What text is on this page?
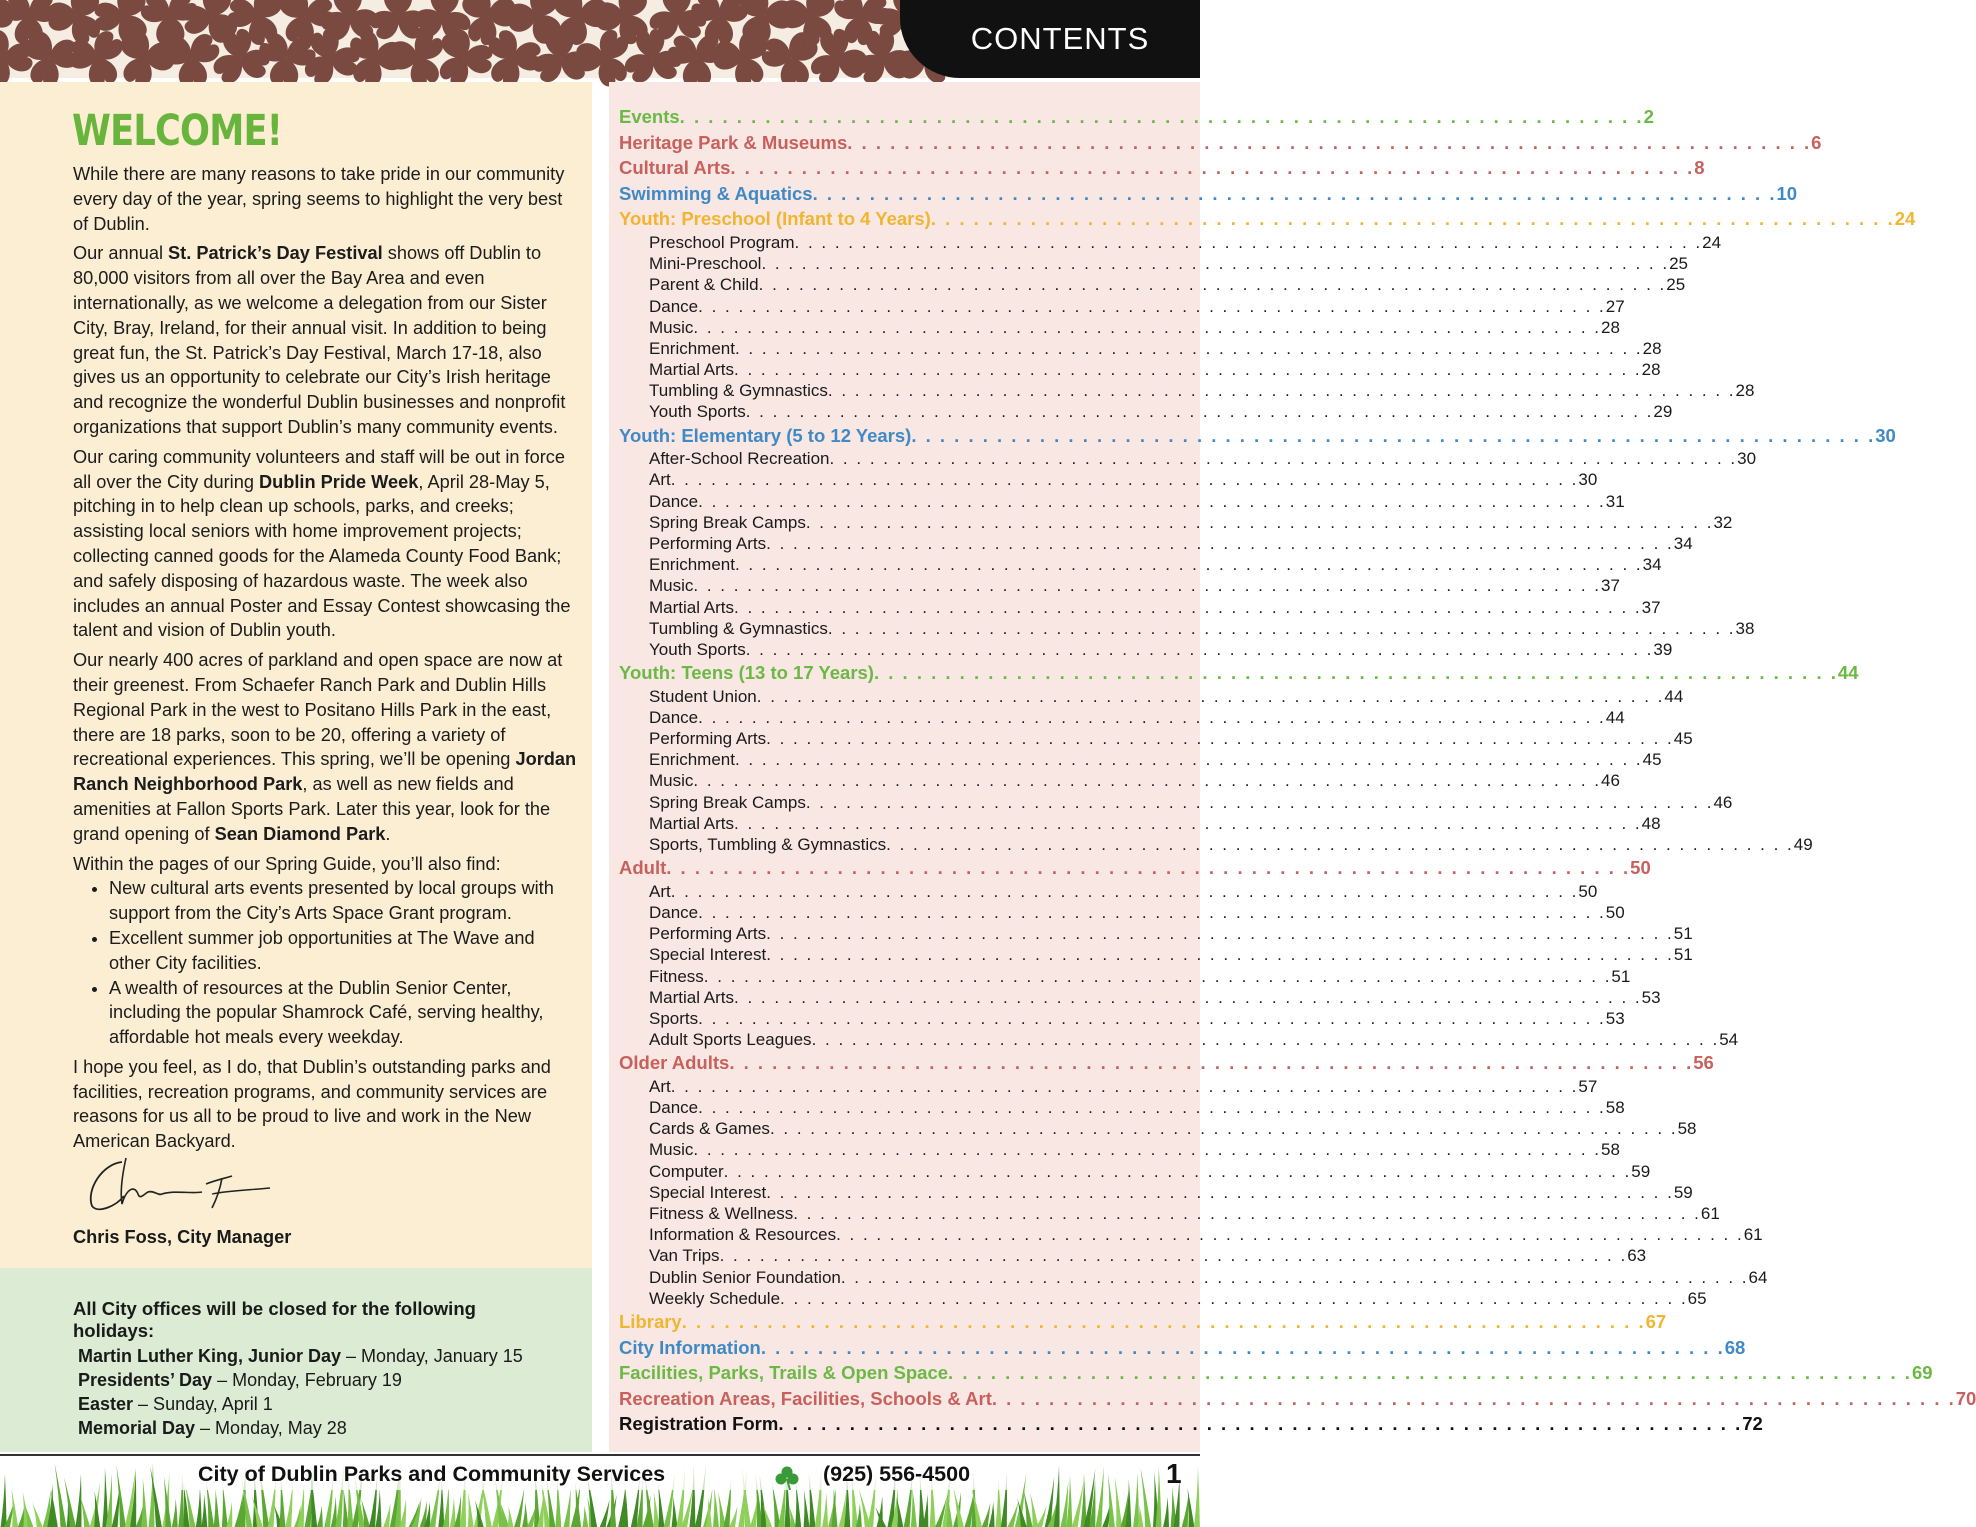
CONTENTS
WELCOME!

While there are many reasons to take pride in our community every day of the year, spring seems to highlight the very best of Dublin.

Our annual St. Patrick’s Day Festival shows off Dublin to 80,000 visitors from all over the Bay Area and even internationally, as we welcome a delegation from our Sister City, Bray, Ireland, for their annual visit. In addition to being great fun, the St. Patrick’s Day Festival, March 17-18, also gives us an opportunity to celebrate our City’s Irish heritage and recognize the wonderful Dublin businesses and nonprofit organizations that support Dublin’s many community events.

Our caring community volunteers and staff will be out in force all over the City during Dublin Pride Week, April 28-May 5, pitching in to help clean up schools, parks, and creeks; assisting local seniors with home improvement projects; collecting canned goods for the Alameda County Food Bank; and safely disposing of hazardous waste. The week also includes an annual Poster and Essay Contest showcasing the talent and vision of Dublin youth.

Our nearly 400 acres of parkland and open space are now at their greenest. From Schaefer Ranch Park and Dublin Hills Regional Park in the west to Positano Hills Park in the east, there are 18 parks, soon to be 20, offering a variety of recreational experiences. This spring, we’ll be opening Jordan Ranch Neighborhood Park, as well as new fields and amenities at Fallon Sports Park. Later this year, look for the grand opening of Sean Diamond Park.

Within the pages of our Spring Guide, you’ll also find:

• New cultural arts events presented by local groups with support from the City’s Arts Space Grant program.
• Excellent summer job opportunities at The Wave and other City facilities.
• A wealth of resources at the Dublin Senior Center, including the popular Shamrock Café, serving healthy, affordable hot meals every weekday.

I hope you feel, as I do, that Dublin’s outstanding parks and facilities, recreation programs, and community services are reasons for us all to be proud to live and work in the New American Backyard.

Chris Foss, City Manager
All City offices will be closed for the following holidays:
Martin Luther King, Junior Day – Monday, January 15
Presidents’ Day – Monday, February 19
Easter – Sunday, April 1
Memorial Day – Monday, May 28
Events . . . . . . . . . . . . . . . . . . . . . . . . . . . . . . . . . . . . . . . . . . . . . . . . . . . . . . . . . . . . . . . . . . . . 2
Heritage Park & Museums . . . . . . . . . . . . . . . . . . . . . . . . . . . . . . . . . . . . . . . . . . . . . . . . . . . . . . . . . . . . . . . . . . . . 6
Cultural Arts . . . . . . . . . . . . . . . . . . . . . . . . . . . . . . . . . . . . . . . . . . . . . . . . . . . . . . . . . . . . . . . . . . . . 8
Swimming & Aquatics . . . . . . . . . . . . . . . . . . . . . . . . . . . . . . . . . . . . . . . . . . . . . . . . . . . . . . . . . . . . . . . . . . . . 10
Youth: Preschool (Infant to 4 Years) . . . . . . . . . . . . . . . . . . . . . . . . . . . . . . . . . . . . . . . . . . . . . . . . . . . . . . . . . . . . . . . . . . . . 24
Preschool Program . . . . . . . . . . . . . . . . . . . . . . . . . . . . . . . . . . . . . . . . . . . . . . . . . . . . . . . . . . . . . . . . . . . . 24
Mini-Preschool . . . . . . . . . . . . . . . . . . . . . . . . . . . . . . . . . . . . . . . . . . . . . . . . . . . . . . . . . . . . . . . . . . . . 25
Parent & Child . . . . . . . . . . . . . . . . . . . . . . . . . . . . . . . . . . . . . . . . . . . . . . . . . . . . . . . . . . . . . . . . . . . . 25
Dance . . . . . . . . . . . . . . . . . . . . . . . . . . . . . . . . . . . . . . . . . . . . . . . . . . . . . . . . . . . . . . . . . . . . 27
Music . . . . . . . . . . . . . . . . . . . . . . . . . . . . . . . . . . . . . . . . . . . . . . . . . . . . . . . . . . . . . . . . . . . . 28
Enrichment . . . . . . . . . . . . . . . . . . . . . . . . . . . . . . . . . . . . . . . . . . . . . . . . . . . . . . . . . . . . . . . . . . . . 28
Martial Arts . . . . . . . . . . . . . . . . . . . . . . . . . . . . . . . . . . . . . . . . . . . . . . . . . . . . . . . . . . . . . . . . . . . . 28
Tumbling & Gymnastics . . . . . . . . . . . . . . . . . . . . . . . . . . . . . . . . . . . . . . . . . . . . . . . . . . . . . . . . . . . . . . . . . . . . 28
Youth Sports . . . . . . . . . . . . . . . . . . . . . . . . . . . . . . . . . . . . . . . . . . . . . . . . . . . . . . . . . . . . . . . . . . . . 29
Youth: Elementary (5 to 12 Years) . . . . . . . . . . . . . . . . . . . . . . . . . . . . . . . . . . . . . . . . . . . . . . . . . . . . . . . . . . . . . . . . . . . . 30
After-School Recreation . . . . . . . . . . . . . . . . . . . . . . . . . . . . . . . . . . . . . . . . . . . . . . . . . . . . . . . . . . . . . . . . . . . . 30
Art . . . . . . . . . . . . . . . . . . . . . . . . . . . . . . . . . . . . . . . . . . . . . . . . . . . . . . . . . . . . . . . . . . . . 30
Dance . . . . . . . . . . . . . . . . . . . . . . . . . . . . . . . . . . . . . . . . . . . . . . . . . . . . . . . . . . . . . . . . . . . . 31
Spring Break Camps . . . . . . . . . . . . . . . . . . . . . . . . . . . . . . . . . . . . . . . . . . . . . . . . . . . . . . . . . . . . . . . . . . . . 32
Performing Arts . . . . . . . . . . . . . . . . . . . . . . . . . . . . . . . . . . . . . . . . . . . . . . . . . . . . . . . . . . . . . . . . . . . . 34
Enrichment . . . . . . . . . . . . . . . . . . . . . . . . . . . . . . . . . . . . . . . . . . . . . . . . . . . . . . . . . . . . . . . . . . . . 34
Music . . . . . . . . . . . . . . . . . . . . . . . . . . . . . . . . . . . . . . . . . . . . . . . . . . . . . . . . . . . . . . . . . . . . 37
Martial Arts . . . . . . . . . . . . . . . . . . . . . . . . . . . . . . . . . . . . . . . . . . . . . . . . . . . . . . . . . . . . . . . . . . . . 37
Tumbling & Gymnastics . . . . . . . . . . . . . . . . . . . . . . . . . . . . . . . . . . . . . . . . . . . . . . . . . . . . . . . . . . . . . . . . . . . . 38
Youth Sports . . . . . . . . . . . . . . . . . . . . . . . . . . . . . . . . . . . . . . . . . . . . . . . . . . . . . . . . . . . . . . . . . . . . 39
Youth: Teens (13 to 17 Years) . . . . . . . . . . . . . . . . . . . . . . . . . . . . . . . . . . . . . . . . . . . . . . . . . . . . . . . . . . . . . . . . . . . . 44
Student Union . . . . . . . . . . . . . . . . . . . . . . . . . . . . . . . . . . . . . . . . . . . . . . . . . . . . . . . . . . . . . . . . . . . . 44
Dance . . . . . . . . . . . . . . . . . . . . . . . . . . . . . . . . . . . . . . . . . . . . . . . . . . . . . . . . . . . . . . . . . . . . 44
Performing Arts . . . . . . . . . . . . . . . . . . . . . . . . . . . . . . . . . . . . . . . . . . . . . . . . . . . . . . . . . . . . . . . . . . . . 45
Enrichment . . . . . . . . . . . . . . . . . . . . . . . . . . . . . . . . . . . . . . . . . . . . . . . . . . . . . . . . . . . . . . . . . . . . 45
Music . . . . . . . . . . . . . . . . . . . . . . . . . . . . . . . . . . . . . . . . . . . . . . . . . . . . . . . . . . . . . . . . . . . . 46
Spring Break Camps . . . . . . . . . . . . . . . . . . . . . . . . . . . . . . . . . . . . . . . . . . . . . . . . . . . . . . . . . . . . . . . . . . . . 46
Martial Arts . . . . . . . . . . . . . . . . . . . . . . . . . . . . . . . . . . . . . . . . . . . . . . . . . . . . . . . . . . . . . . . . . . . . 48
Sports, Tumbling & Gymnastics . . . . . . . . . . . . . . . . . . . . . . . . . . . . . . . . . . . . . . . . . . . . . . . . . . . . . . . . . . . . . . . . . . . . 49
Adult . . . . . . . . . . . . . . . . . . . . . . . . . . . . . . . . . . . . . . . . . . . . . . . . . . . . . . . . . . . . . . . . . . . . 50
Art . . . . . . . . . . . . . . . . . . . . . . . . . . . . . . . . . . . . . . . . . . . . . . . . . . . . . . . . . . . . . . . . . . . . 50
Dance . . . . . . . . . . . . . . . . . . . . . . . . . . . . . . . . . . . . . . . . . . . . . . . . . . . . . . . . . . . . . . . . . . . . 50
Performing Arts . . . . . . . . . . . . . . . . . . . . . . . . . . . . . . . . . . . . . . . . . . . . . . . . . . . . . . . . . . . . . . . . . . . . 51
Special Interest . . . . . . . . . . . . . . . . . . . . . . . . . . . . . . . . . . . . . . . . . . . . . . . . . . . . . . . . . . . . . . . . . . . . 51
Fitness . . . . . . . . . . . . . . . . . . . . . . . . . . . . . . . . . . . . . . . . . . . . . . . . . . . . . . . . . . . . . . . . . . . . 51
Martial Arts . . . . . . . . . . . . . . . . . . . . . . . . . . . . . . . . . . . . . . . . . . . . . . . . . . . . . . . . . . . . . . . . . . . . 53
Sports . . . . . . . . . . . . . . . . . . . . . . . . . . . . . . . . . . . . . . . . . . . . . . . . . . . . . . . . . . . . . . . . . . . . 53
Adult Sports Leagues . . . . . . . . . . . . . . . . . . . . . . . . . . . . . . . . . . . . . . . . . . . . . . . . . . . . . . . . . . . . . . . . . . . . 54
Older Adults . . . . . . . . . . . . . . . . . . . . . . . . . . . . . . . . . . . . . . . . . . . . . . . . . . . . . . . . . . . . . . . . . . . . 56
Art . . . . . . . . . . . . . . . . . . . . . . . . . . . . . . . . . . . . . . . . . . . . . . . . . . . . . . . . . . . . . . . . . . . . 57
Dance . . . . . . . . . . . . . . . . . . . . . . . . . . . . . . . . . . . . . . . . . . . . . . . . . . . . . . . . . . . . . . . . . . . . 58
Cards & Games . . . . . . . . . . . . . . . . . . . . . . . . . . . . . . . . . . . . . . . . . . . . . . . . . . . . . . . . . . . . . . . . . . . . 58
Music . . . . . . . . . . . . . . . . . . . . . . . . . . . . . . . . . . . . . . . . . . . . . . . . . . . . . . . . . . . . . . . . . . . . 58
Computer . . . . . . . . . . . . . . . . . . . . . . . . . . . . . . . . . . . . . . . . . . . . . . . . . . . . . . . . . . . . . . . . . . . . 59
Special Interest . . . . . . . . . . . . . . . . . . . . . . . . . . . . . . . . . . . . . . . . . . . . . . . . . . . . . . . . . . . . . . . . . . . . 59
Fitness & Wellness . . . . . . . . . . . . . . . . . . . . . . . . . . . . . . . . . . . . . . . . . . . . . . . . . . . . . . . . . . . . . . . . . . . . 61
Information & Resources . . . . . . . . . . . . . . . . . . . . . . . . . . . . . . . . . . . . . . . . . . . . . . . . . . . . . . . . . . . . . . . . . . . . 61
Van Trips . . . . . . . . . . . . . . . . . . . . . . . . . . . . . . . . . . . . . . . . . . . . . . . . . . . . . . . . . . . . . . . . . . . . 63
Dublin Senior Foundation . . . . . . . . . . . . . . . . . . . . . . . . . . . . . . . . . . . . . . . . . . . . . . . . . . . . . . . . . . . . . . . . . . . . 64
Weekly Schedule . . . . . . . . . . . . . . . . . . . . . . . . . . . . . . . . . . . . . . . . . . . . . . . . . . . . . . . . . . . . . . . . . . . . 65
Library . . . . . . . . . . . . . . . . . . . . . . . . . . . . . . . . . . . . . . . . . . . . . . . . . . . . . . . . . . . . . . . . . . . . 67
City Information . . . . . . . . . . . . . . . . . . . . . . . . . . . . . . . . . . . . . . . . . . . . . . . . . . . . . . . . . . . . . . . . . . . . 68
Facilities, Parks, Trails & Open Space . . . . . . . . . . . . . . . . . . . . . . . . . . . . . . . . . . . . . . . . . . . . . . . . . . . . . . . . . . . . . . . . . . . . 69
Recreation Areas, Facilities, Schools & Art . . . . . . . . . . . . . . . . . . . . . . . . . . . . . . . . . . . . . . . . . . . . . . . . . . . . . . . . . . . . . . . . . . . . 70
Registration Form . . . . . . . . . . . . . . . . . . . . . . . . . . . . . . . . . . . . . . . . . . . . . . . . . . . . . . . . . . . . . . . . . . . . 72
City of Dublin Parks and Community Services	(925) 556-4500	1
